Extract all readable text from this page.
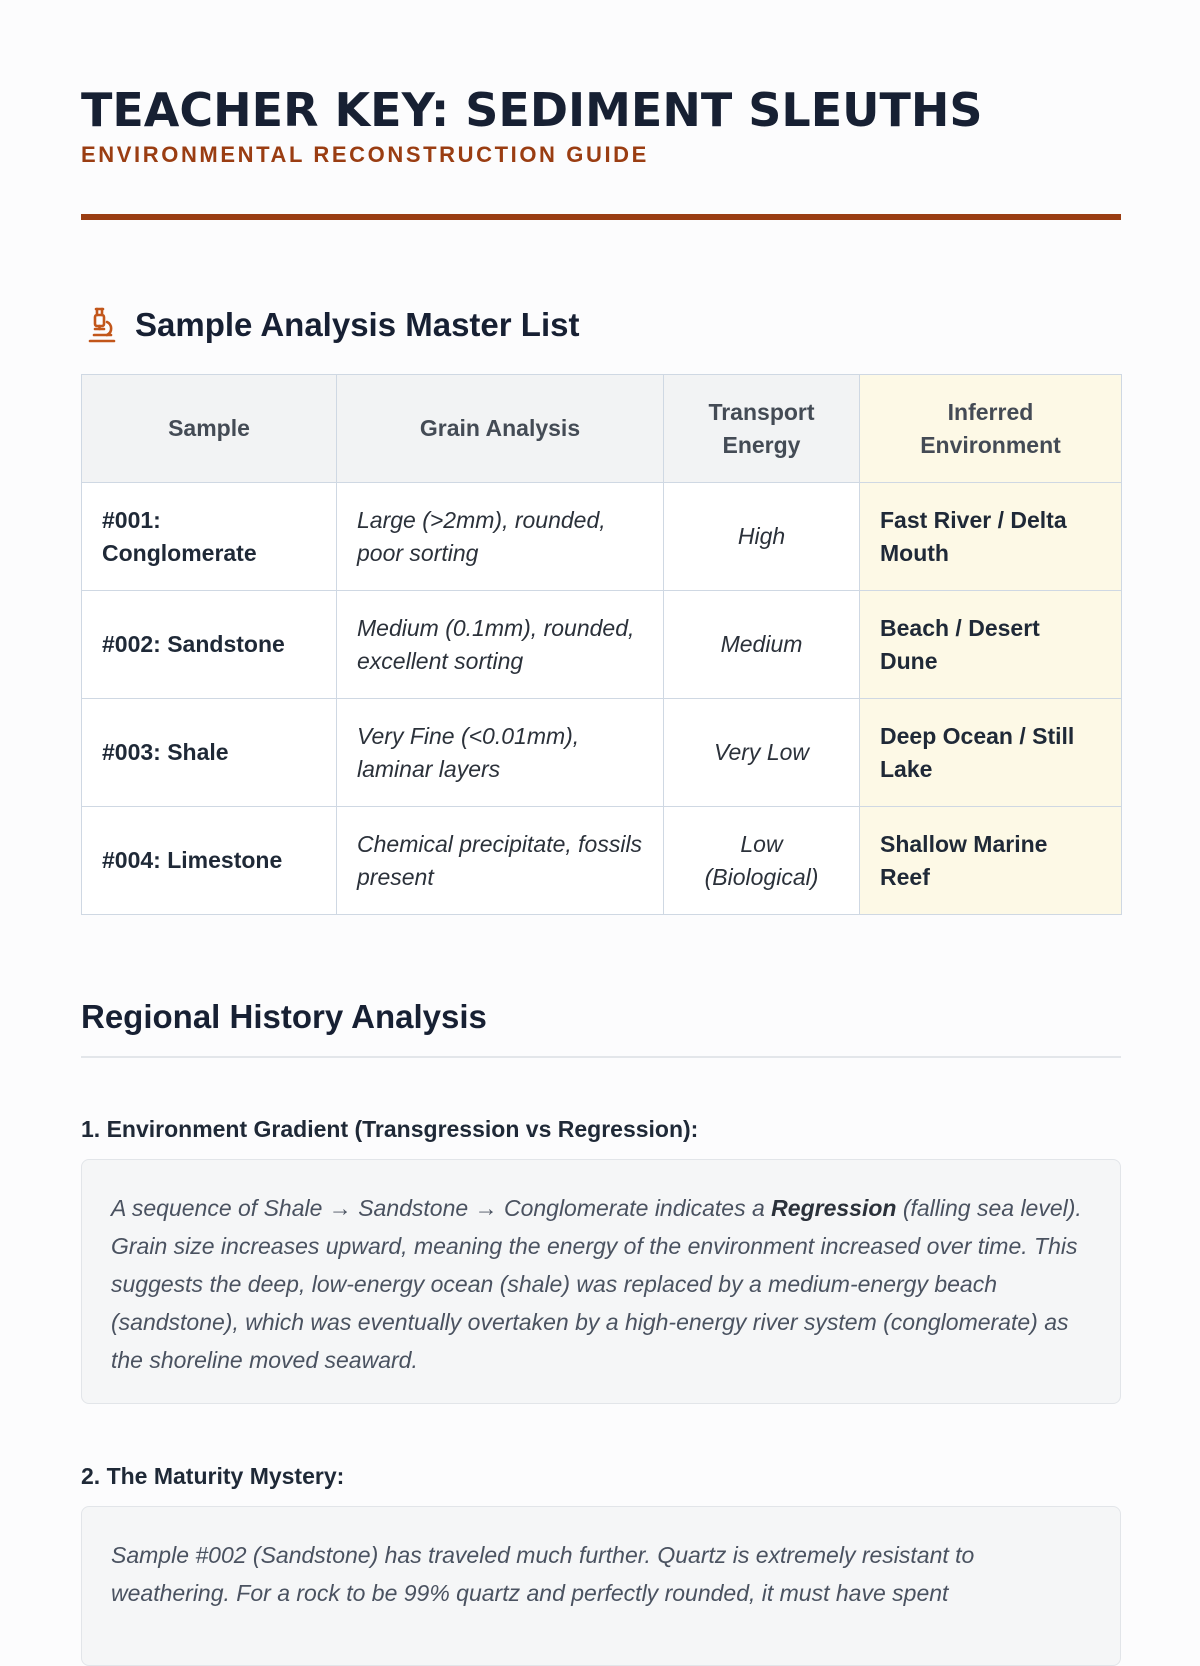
TEACHER KEY: SEDIMENT SLEUTHS
ENVIRONMENTAL RECONSTRUCTION GUIDE
Sample Analysis Master List
Sample	Grain Analysis	Transport Energy	Inferred Environment
#001: Conglomerate	Large (>2mm), rounded, poor sorting	High	Fast River / Delta Mouth
#002: Sandstone	Medium (0.1mm), rounded, excellent sorting	Medium	Beach / Desert Dune
#003: Shale	Very Fine (<0.01mm), laminar layers	Very Low	Deep Ocean / Still Lake
#004: Limestone	Chemical precipitate, fossils present	Low (Biological)	Shallow Marine Reef
Regional History Analysis
1. Environment Gradient (Transgression vs Regression):
A sequence of Shale → Sandstone → Conglomerate indicates a Regression (falling sea level). Grain size increases upward, meaning the energy of the environment increased over time. This suggests the deep, low-energy ocean (shale) was replaced by a medium-energy beach (sandstone), which was eventually overtaken by a high-energy river system (conglomerate) as the shoreline moved seaward.
2. The Maturity Mystery:
Sample #002 (Sandstone) has traveled much further. Quartz is extremely resistant to weathering. For a rock to be 99% quartz and perfectly rounded, it must have spent
